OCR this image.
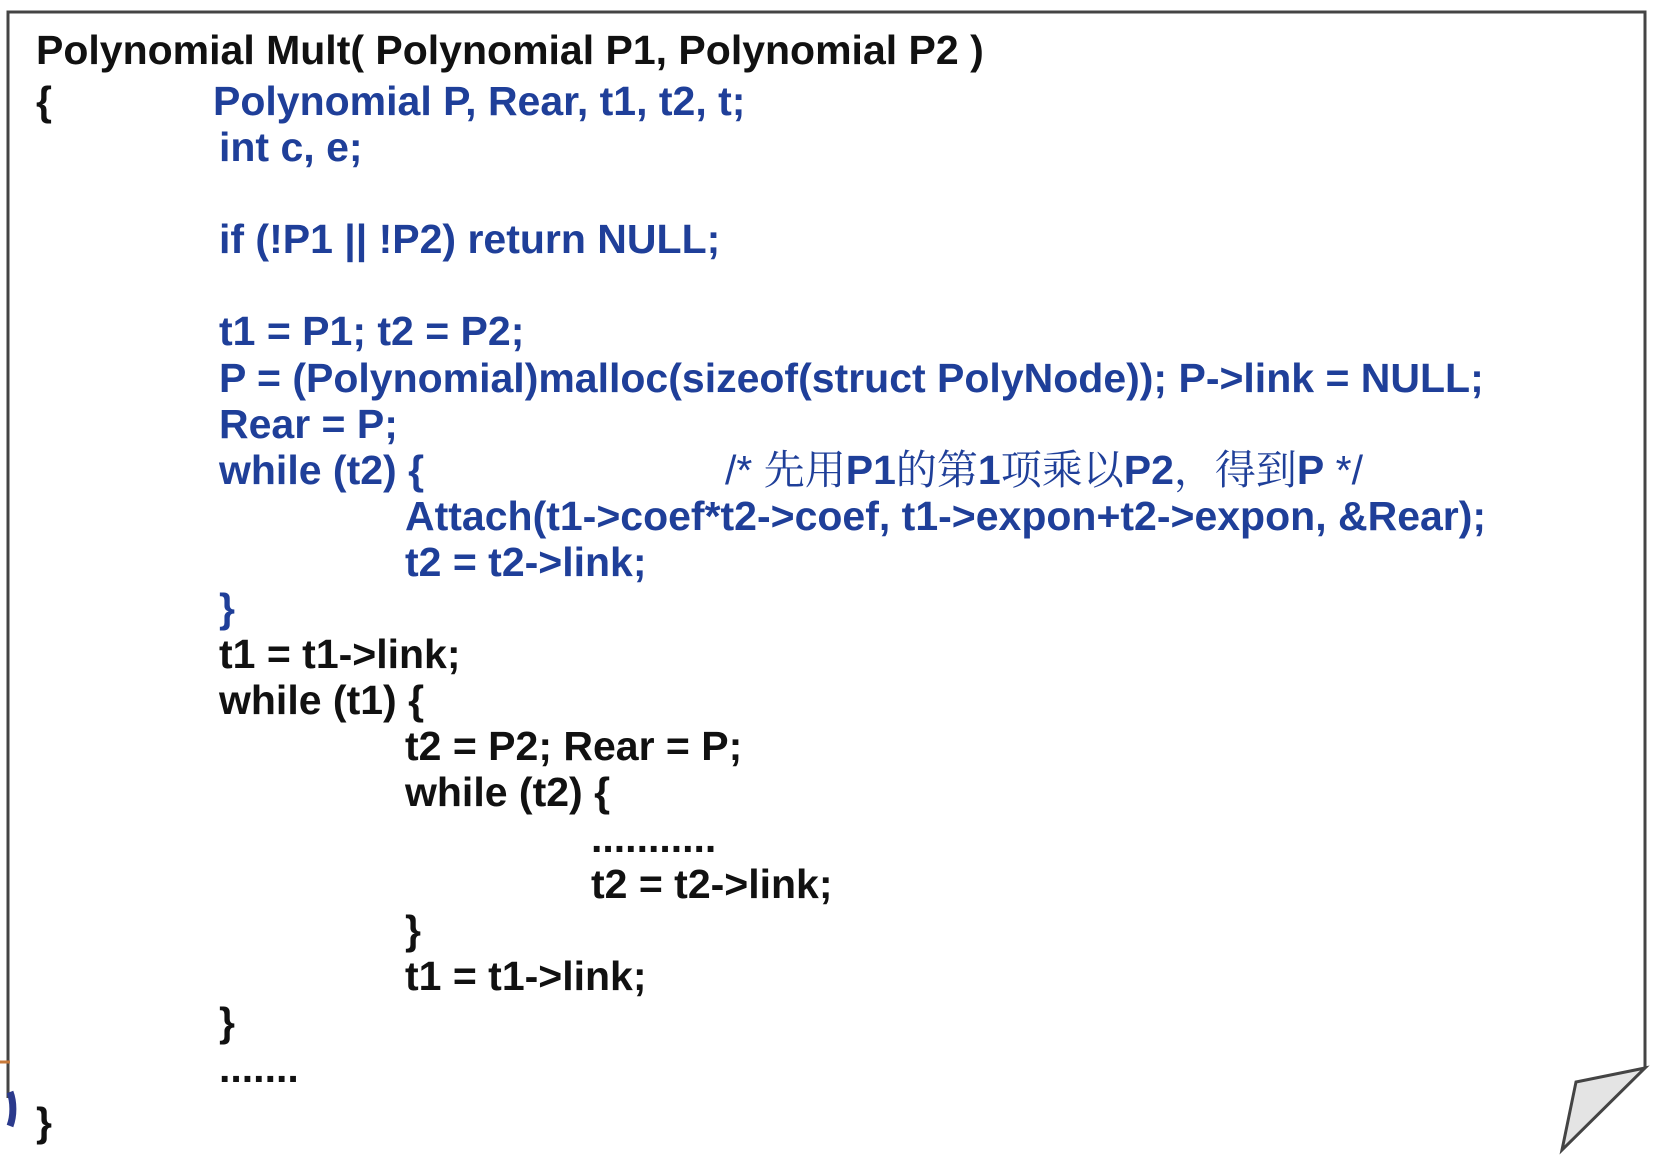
Polynomial Mult( Polynomial P1, Polynomial P2 )
{	Polynomial P, Rear, t1, t2, t;
int c, e;
if (!P1 || !P2) return NULL;
t1 = P1; t2 = P2;
P = (Polynomial)malloc(sizeof(struct PolyNode)); P->link = NULL;
Rear = P;
while (t2) {	/* 先用P1的第1项乘以P2，得到P */
Attach(t1->coef*t2->coef, t1->expon+t2->expon, &Rear);
t2 = t2->link;
}
t1 = t1->link;
while (t1) {
t2 = P2; Rear = P;
while (t2) {
...........
t2 = t2->link;
}
t1 = t1->link;
}
.......
}
